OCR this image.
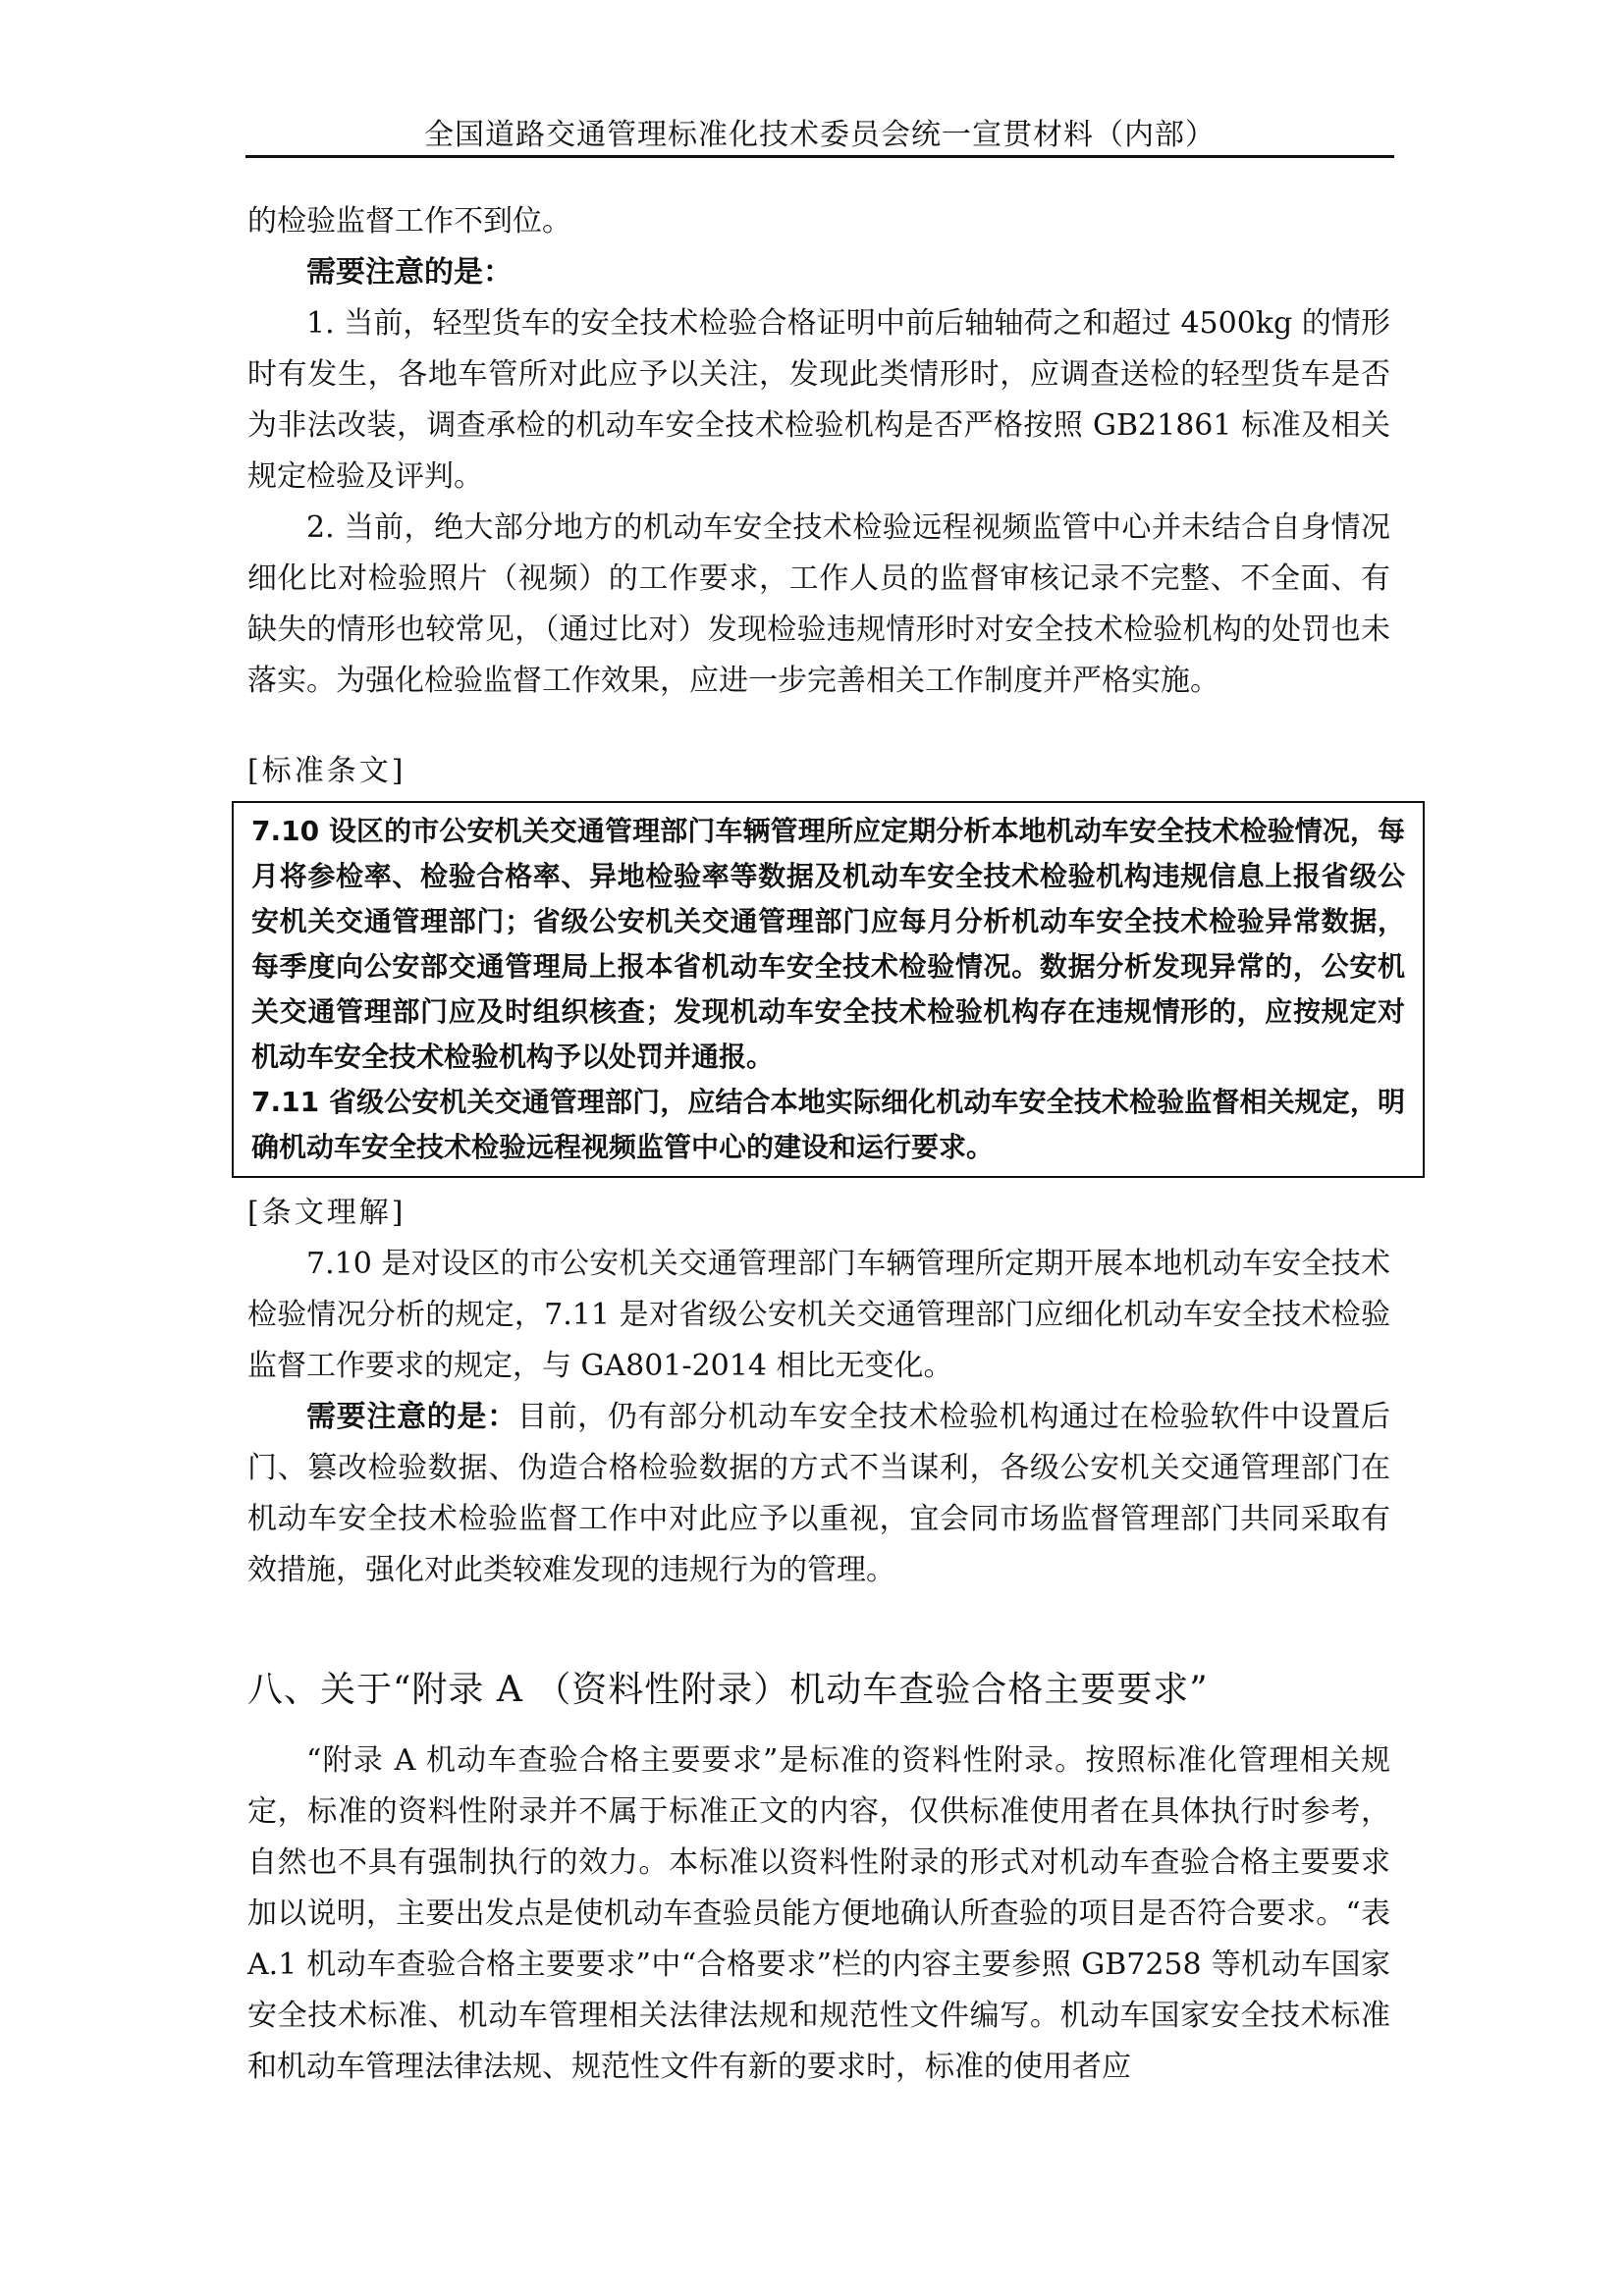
全国道路交通管理标准化技术委员会统一宣贯材料（内部）

的检验监督工作不到位。

需要注意的是：

1. 当前，轻型货车的安全技术检验合格证明中前后轴轴荷之和超过 4500kg 的情形时有发生，各地车管所对此应予以关注，发现此类情形时，应调查送检的轻型货车是否为非法改装，调查承检的机动车安全技术检验机构是否严格按照 GB21861 标准及相关规定检验及评判。

2. 当前，绝大部分地方的机动车安全技术检验远程视频监管中心并未结合自身情况细化比对检验照片（视频）的工作要求，工作人员的监督审核记录不完整、不全面、有缺失的情形也较常见，（通过比对）发现检验违规情形时对安全技术检验机构的处罚也未落实。为强化检验监督工作效果，应进一步完善相关工作制度并严格实施。

[标准条文]

7.10 设区的市公安机关交通管理部门车辆管理所应定期分析本地机动车安全技术检验情况，每月将参检率、检验合格率、异地检验率等数据及机动车安全技术检验机构违规信息上报省级公安机关交通管理部门；省级公安机关交通管理部门应每月分析机动车安全技术检验异常数据，每季度向公安部交通管理局上报本省机动车安全技术检验情况。数据分析发现异常的，公安机关交通管理部门应及时组织核查；发现机动车安全技术检验机构存在违规情形的，应按规定对机动车安全技术检验机构予以处罚并通报。

7.11 省级公安机关交通管理部门，应结合本地实际细化机动车安全技术检验监督相关规定，明确机动车安全技术检验远程视频监管中心的建设和运行要求。

[条文理解]

7.10 是对设区的市公安机关交通管理部门车辆管理所定期开展本地机动车安全技术检验情况分析的规定，7.11 是对省级公安机关交通管理部门应细化机动车安全技术检验监督工作要求的规定，与 GA801-2014 相比无变化。

需要注意的是：目前，仍有部分机动车安全技术检验机构通过在检验软件中设置后门、篡改检验数据、伪造合格检验数据的方式不当谋利，各级公安机关交通管理部门在机动车安全技术检验监督工作中对此应予以重视，宜会同市场监督管理部门共同采取有效措施，强化对此类较难发现的违规行为的管理。

八、关于“附录 A （资料性附录）机动车查验合格主要要求”

“附录 A 机动车查验合格主要要求”是标准的资料性附录。按照标准化管理相关规定，标准的资料性附录并不属于标准正文的内容，仅供标准使用者在具体执行时参考，自然也不具有强制执行的效力。本标准以资料性附录的形式对机动车查验合格主要要求加以说明，主要出发点是使机动车查验员能方便地确认所查验的项目是否符合要求。“表 A.1 机动车查验合格主要要求”中“合格要求”栏的内容主要参照 GB7258 等机动车国家安全技术标准、机动车管理相关法律法规和规范性文件编写。机动车国家安全技术标准和机动车管理法律法规、规范性文件有新的要求时，标准的使用者应
